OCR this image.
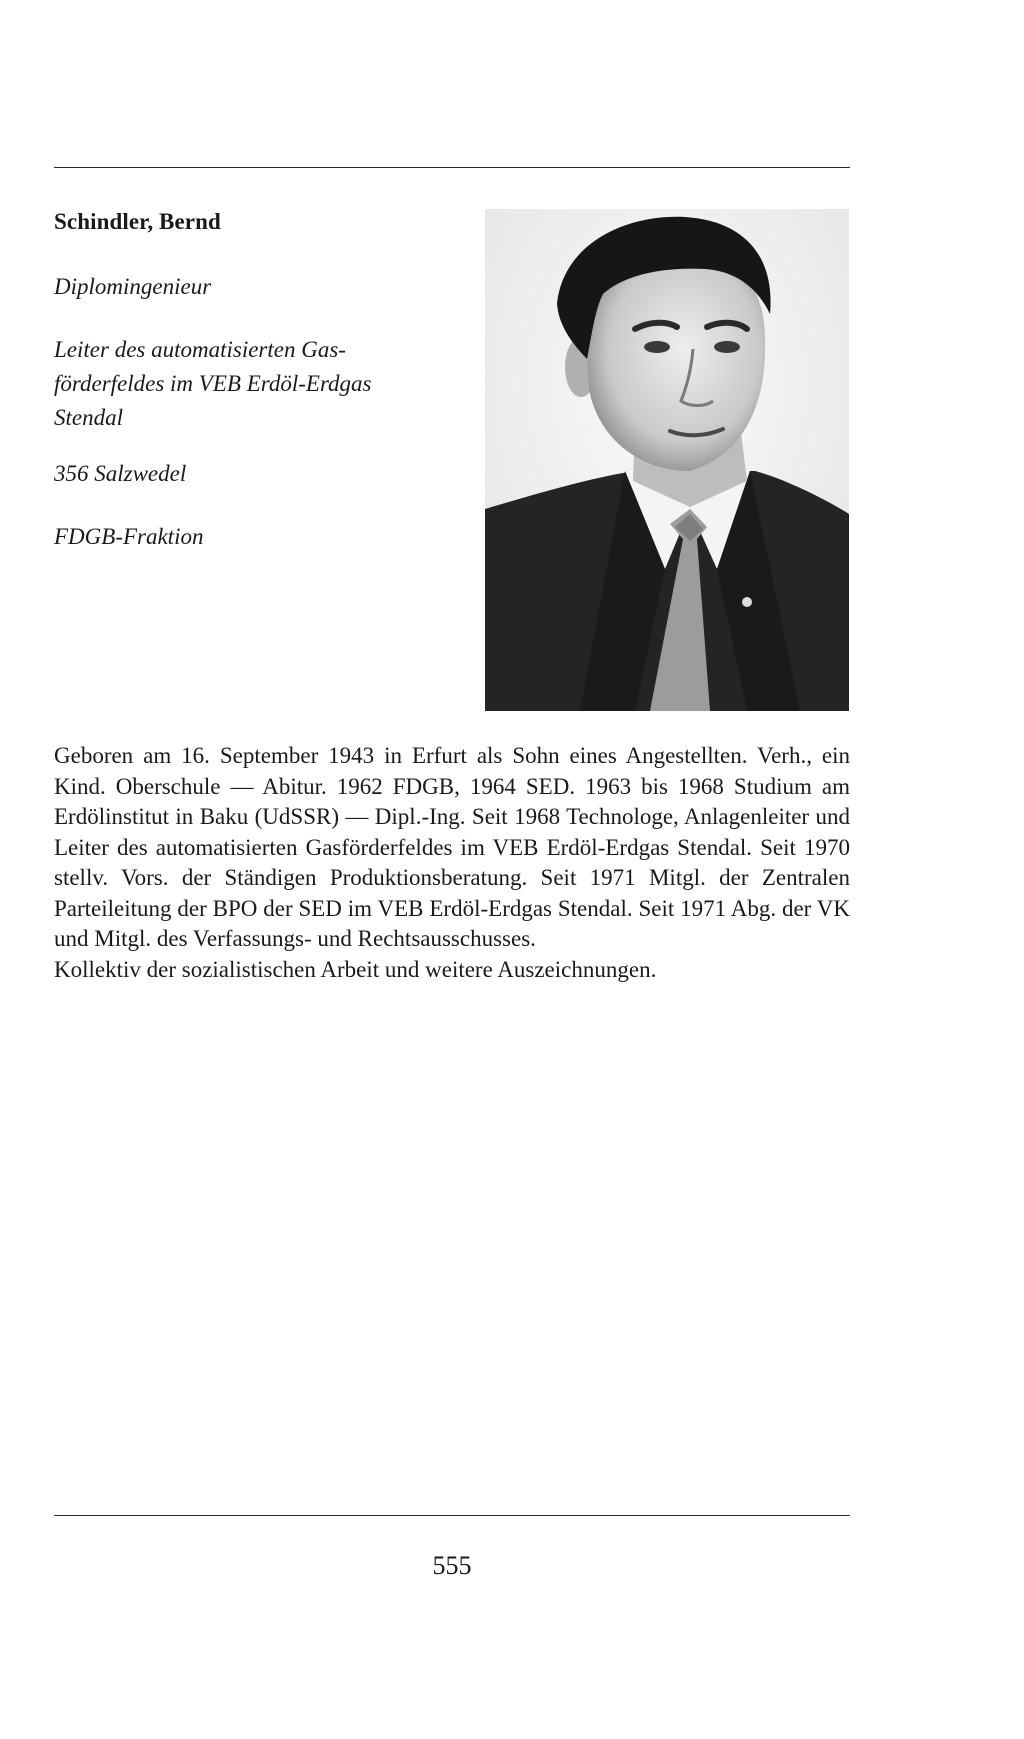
Schindler, Bernd
Diplomingenieur
Leiter des automatisierten Gas-förderfeldes im VEB Erdöl-Erdgas Stendal
356 Salzwedel
FDGB-Fraktion
Geboren am 16. September 1943 in Erfurt als Sohn eines Angestellten. Verh., ein Kind. Oberschule — Abitur. 1962 FDGB, 1964 SED. 1963 bis 1968 Studium am Erdölinstitut in Baku (UdSSR) — Dipl.-Ing. Seit 1968 Technologe, Anlagenleiter und Leiter des automatisierten Gasförderfeldes im VEB Erdöl-Erdgas Stendal. Seit 1970 stellv. Vors. der Ständigen Produktionsberatung. Seit 1971 Mitgl. der Zentralen Parteileitung der BPO der SED im VEB Erdöl-Erdgas Stendal. Seit 1971 Abg. der VK und Mitgl. des Verfassungs- und Rechtsausschusses.

Kollektiv der sozialistischen Arbeit und weitere Auszeichnungen.
555
